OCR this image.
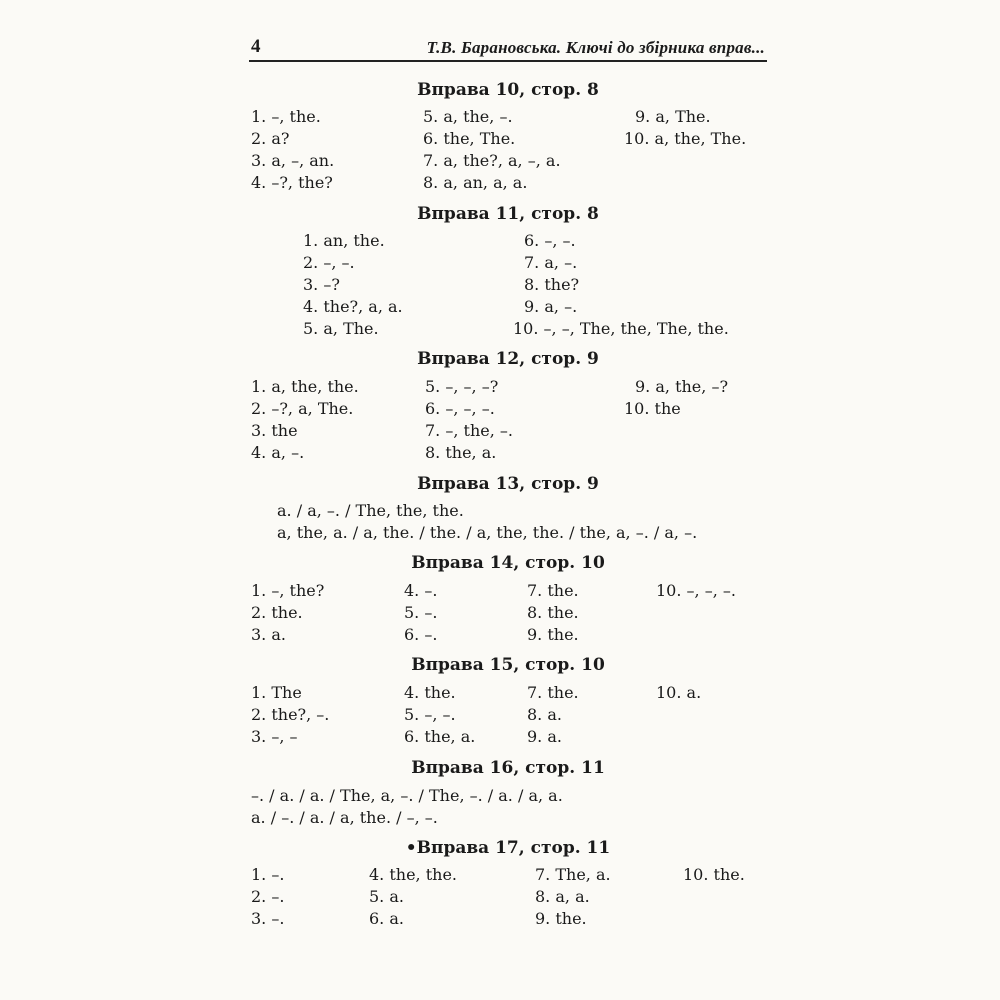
4	Т.В. Барановська. Ключі до збірника вправ...
Вправа 10, стор. 8
1. –, the.
2. a?
3. a, –, an.
4. –?, the?
5. a, the, –.
6. the, The.
7. a, the?, a, –, a.
8. a, an, a, a.
9. a, The.
10. a, the, The.
Вправа 11, стор. 8
1. an, the.
2. –, –.
3. –?
4. the?, a, a.
5. a, The.
6. –, –.
7. a, –.
8. the?
9. a, –.
10. –, –, The, the, The, the.
Вправа 12, стор. 9
1. a, the, the.
2. –?, a, The.
3. the
4. a, –.
5. –, –, –?
6. –, –, –.
7. –, the, –.
8. the, a.
9. a, the, –?
10. the
Вправа 13, стор. 9
a. / a, –. / The, the, the.
a, the, a. / a, the. / the. / a, the, the. / the, a, –. / a, –.
Вправа 14, стор. 10
1. –, the?
2. the.
3. a.
4. –.
5. –.
6. –.
7. the.
8. the.
9. the.
10. –, –, –.
Вправа 15, стор. 10
1. The
2. the?, –.
3. –, –
4. the.
5. –, –.
6. the, a.
7. the.
8. a.
9. a.
10. a.
Вправа 16, стор. 11
–. / a. / a. / The, a, –. / The, –. / a. / a, a.
a. / –. / a. / a, the. / –, –.
•Вправа 17, стор. 11
1. –.
2. –.
3. –.
4. the, the.
5. a.
6. a.
7. The, a.
8. a, a.
9. the.
10. the.
